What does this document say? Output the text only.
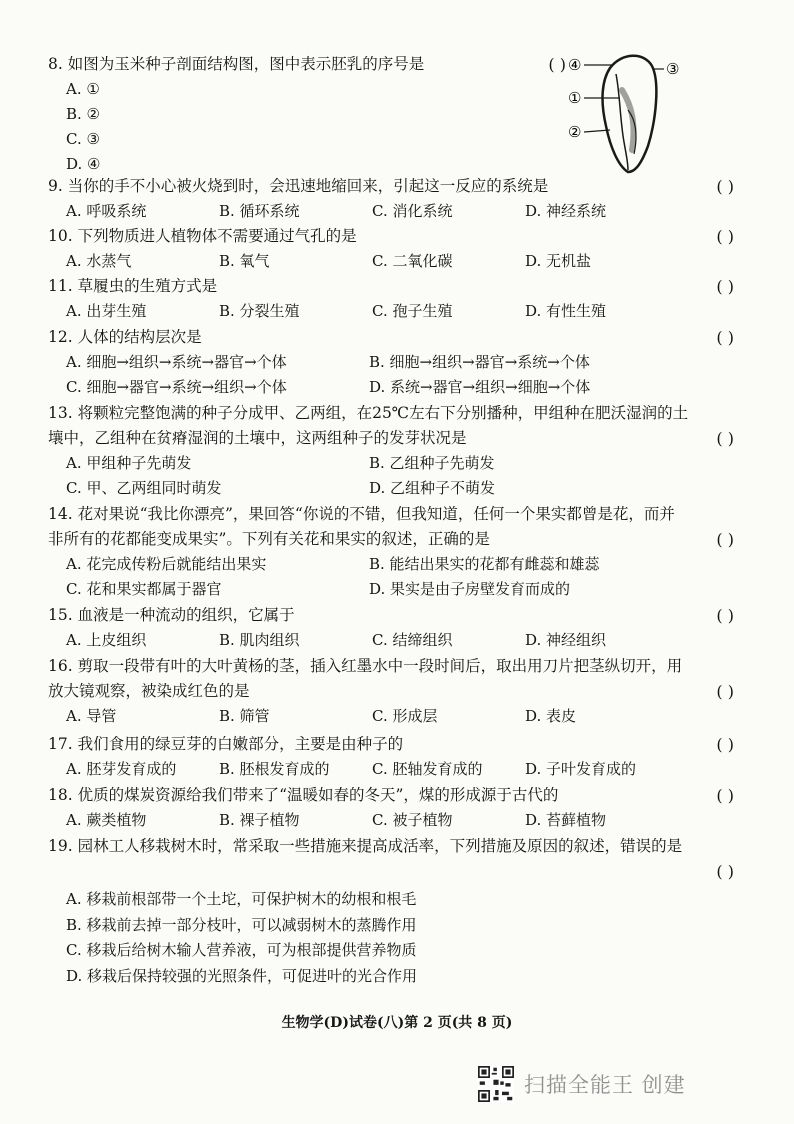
8. 如图为玉米种子剖面结构图，图中表示胚乳的序号是	( )
A. ①
B. ②
C. ③
D. ④
④	③
①
②
9. 当你的手不小心被火烧到时，会迅速地缩回来，引起这一反应的系统是	( )
A. 呼吸系统	B. 循环系统	C. 消化系统	D. 神经系统
10. 下列物质进人植物体不需要通过气孔的是	( )
A. 水蒸气	B. 氧气	C. 二氧化碳	D. 无机盐
11. 草履虫的生殖方式是	( )
A. 出芽生殖	B. 分裂生殖	C. 孢子生殖	D. 有性生殖
12. 人体的结构层次是	( )
A. 细胞→组织→系统→器官→个体	B. 细胞→组织→器官→系统→个体
C. 细胞→器官→系统→组织→个体	D. 系统→器官→组织→细胞→个体
13. 将颗粒完整饱满的种子分成甲、乙两组，在25℃左右下分别播种，甲组种在肥沃湿润的土
壤中，乙组种在贫瘠湿润的土壤中，这两组种子的发芽状况是	( )
A. 甲组种子先萌发	B. 乙组种子先萌发
C. 甲、乙两组同时萌发	D. 乙组种子不萌发
14. 花对果说“我比你漂亮”，果回答“你说的不错，但我知道，任何一个果实都曾是花，而并
非所有的花都能变成果实”。下列有关花和果实的叙述，正确的是	( )
A. 花完成传粉后就能结出果实	B. 能结出果实的花都有雌蕊和雄蕊
C. 花和果实都属于器官	D. 果实是由子房壁发育而成的
15. 血液是一种流动的组织，它属于	( )
A. 上皮组织	B. 肌肉组织	C. 结缔组织	D. 神经组织
16. 剪取一段带有叶的大叶黄杨的茎，插入红墨水中一段时间后，取出用刀片把茎纵切开，用
放大镜观察，被染成红色的是	( )
A. 导管	B. 筛管	C. 形成层	D. 表皮
17. 我们食用的绿豆芽的白嫩部分，主要是由种子的	( )
A. 胚芽发育成的	B. 胚根发育成的	C. 胚轴发育成的	D. 子叶发育成的
18. 优质的煤炭资源给我们带来了“温暖如春的冬天”，煤的形成源于古代的	( )
A. 蕨类植物	B. 裸子植物	C. 被子植物	D. 苔藓植物
19. 园林工人移栽树木时，常采取一些措施来提高成活率，下列措施及原因的叙述，错误的是
( )
A. 移栽前根部带一个土坨，可保护树木的幼根和根毛
B. 移栽前去掉一部分枝叶，可以减弱树木的蒸腾作用
C. 移栽后给树木输人营养液，可为根部提供营养物质
D. 移栽后保持较强的光照条件，可促进叶的光合作用
生物学(D)试卷(八)第 2 页(共 8 页)
扫描全能王 创建
